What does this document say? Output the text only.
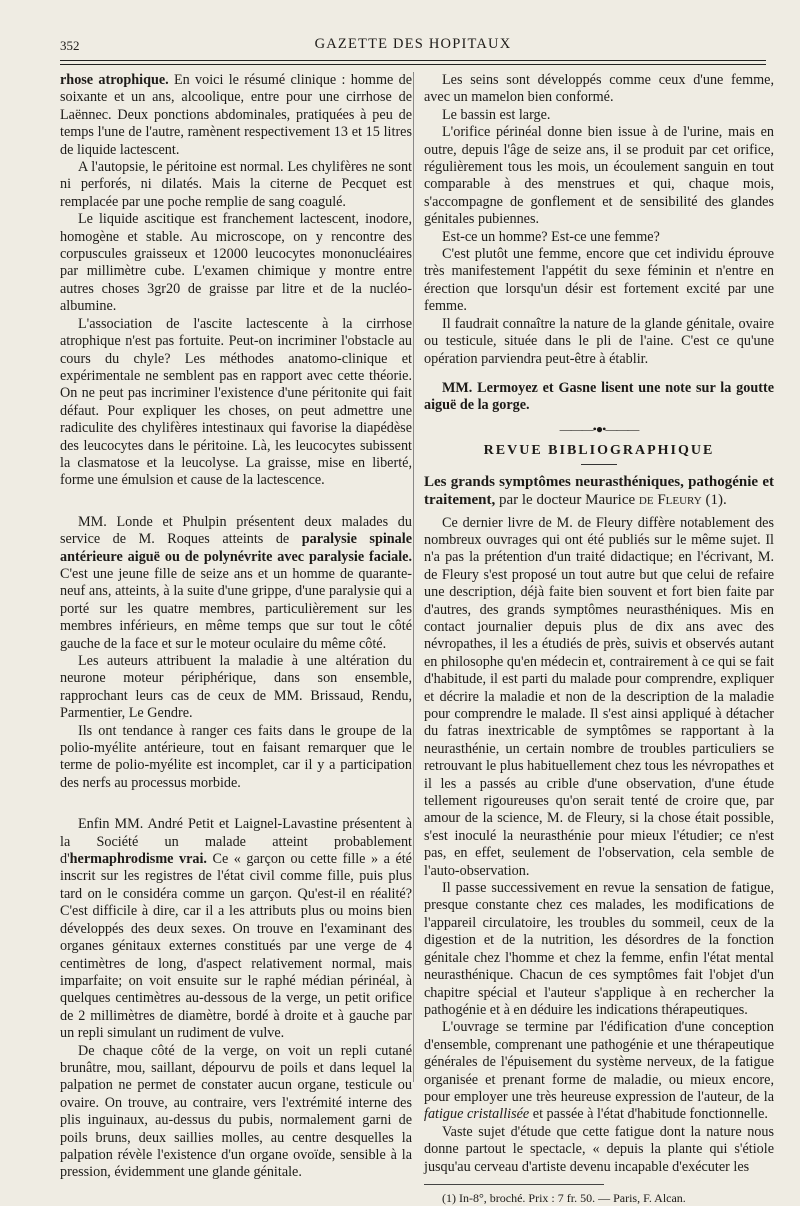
352	GAZETTE DES HOPITAUX

rhose atrophique. En voici le résumé clinique : homme de soixante et un ans, alcoolique, entre pour une cirrhose de Laënnec. Deux ponctions abdominales, pratiquées à peu de temps l'une de l'autre, ramènent respectivement 13 et 15 litres de liquide lactescent.

A l'autopsie, le péritoine est normal. Les chylifères ne sont ni perforés, ni dilatés. Mais la citerne de Pecquet est remplacée par une poche remplie de sang coagulé.

Le liquide ascitique est franchement lactescent, inodore, homogène et stable. Au microscope, on y rencontre des corpuscules graisseux et 12000 leucocytes mononucléaires par millimètre cube. L'examen chimique y montre entre autres choses 3gr20 de graisse par litre et de la nucléo-albumine.

L'association de l'ascite lactescente à la cirrhose atrophique n'est pas fortuite. Peut-on incriminer l'obstacle au cours du chyle? Les méthodes anatomo-clinique et expérimentale ne semblent pas en rapport avec cette théorie. On ne peut pas incriminer l'existence d'une péritonite qui fait défaut. Pour expliquer les choses, on peut admettre une radiculite des chylifères intestinaux qui favorise la diapédèse des leucocytes dans le péritoine. Là, les leucocytes subissent la clasmatose et la leucolyse. La graisse, mise en liberté, forme une émulsion et cause de la lactescence.

MM. Londe et Phulpin présentent deux malades du service de M. Roques atteints de paralysie spinale antérieure aiguë ou de polynévrite avec paralysie faciale. C'est une jeune fille de seize ans et un homme de quarante-neuf ans, atteints, à la suite d'une grippe, d'une paralysie qui a porté sur les quatre membres, particulièrement sur les membres inférieurs, en même temps que sur tout le côté gauche de la face et sur le moteur oculaire du même côté.

Les auteurs attribuent la maladie à une altération du neurone moteur périphérique, dans son ensemble, rapprochant leurs cas de ceux de MM. Brissaud, Rendu, Parmentier, Le Gendre.

Ils ont tendance à ranger ces faits dans le groupe de la polio-myélite antérieure, tout en faisant remarquer que le terme de polio-myélite est incomplet, car il y a participation des nerfs au processus morbide.

Enfin MM. André Petit et Laignel-Lavastine présentent à la Société un malade atteint probablement d'hermaphrodisme vrai. Ce « garçon ou cette fille » a été inscrit sur les registres de l'état civil comme fille, puis plus tard on le considéra comme un garçon. Qu'est-il en réalité? C'est difficile à dire, car il a les attributs plus ou moins bien développés des deux sexes. On trouve en l'examinant des organes génitaux externes constitués par une verge de 4 centimètres de long, d'aspect relativement normal, mais imparfaite; on voit ensuite sur le raphé médian périnéal, à quelques centimètres au-dessous de la verge, un petit orifice de 2 millimètres de diamètre, bordé à droite et à gauche par un repli simulant un rudiment de vulve.

De chaque côté de la verge, on voit un repli cutané brunâtre, mou, saillant, dépourvu de poils et dans lequel la palpation ne permet de constater aucun organe, testicule ou ovaire. On trouve, au contraire, vers l'extrémité interne des plis inguinaux, au-dessus du pubis, normalement garni de poils bruns, deux saillies molles, au centre desquelles la palpation révèle l'existence d'un organe ovoïde, sensible à la pression, évidemment une glande génitale.

Les seins sont développés comme ceux d'une femme, avec un mamelon bien conformé.

Le bassin est large.

L'orifice périnéal donne bien issue à de l'urine, mais en outre, depuis l'âge de seize ans, il se produit par cet orifice, régulièrement tous les mois, un écoulement sanguin en tout comparable à des menstrues et qui, chaque mois, s'accompagne de gonflement et de sensibilité des glandes génitales pubiennes.

Est-ce un homme? Est-ce une femme?

C'est plutôt une femme, encore que cet individu éprouve très manifestement l'appétit du sexe féminin et n'entre en érection que lorsqu'un désir est fortement excité par une femme.

Il faudrait connaître la nature de la glande génitale, ovaire ou testicule, située dans le pli de l'aine. C'est ce qu'une opération parviendra peut-être à établir.

MM. Lermoyez et Gasne lisent une note sur la goutte aiguë de la gorge.

———•●•———
REVUE BIBLIOGRAPHIQUE

Les grands symptômes neurasthéniques, pathogénie et traitement, par le docteur Maurice de Fleury (1).

Ce dernier livre de M. de Fleury diffère notablement des nombreux ouvrages qui ont été publiés sur le même sujet. Il n'a pas la prétention d'un traité didactique; en l'écrivant, M. de Fleury s'est proposé un tout autre but que celui de refaire une description, déjà faite bien souvent et fort bien faite par d'autres, des grands symptômes neurasthéniques. Mis en contact journalier depuis plus de dix ans avec des névropathes, il les a étudiés de près, suivis et observés autant en philosophe qu'en médecin et, contrairement à ce qui se fait d'habitude, il est parti du malade pour comprendre, expliquer et décrire la maladie et non de la description de la maladie pour comprendre le malade. Il s'est ainsi appliqué à détacher du fatras inextricable de symptômes se rapportant à la neurasthénie, un certain nombre de troubles particuliers se retrouvant le plus habituellement chez tous les névropathes et il les a passés au crible d'une observation, d'une étude tellement rigoureuses qu'on serait tenté de croire que, par amour de la science, M. de Fleury, si la chose était possible, s'est inoculé la neurasthénie pour mieux l'étudier; ce n'est pas, en effet, seulement de l'observation, cela semble de l'auto-observation.

Il passe successivement en revue la sensation de fatigue, presque constante chez ces malades, les modifications de l'appareil circulatoire, les troubles du sommeil, ceux de la digestion et de la nutrition, les désordres de la fonction génitale chez l'homme et chez la femme, enfin l'état mental neurasthénique. Chacun de ces symptômes fait l'objet d'un chapitre spécial et l'auteur s'applique à en rechercher la pathogénie et à en déduire les indications thérapeutiques.

L'ouvrage se termine par l'édification d'une conception d'ensemble, comprenant une pathogénie et une thérapeutique générales de l'épuisement du système nerveux, de la fatigue organisée et prenant forme de maladie, ou mieux encore, pour employer une très heureuse expression de l'auteur, de la fatigue cristallisée et passée à l'état d'habitude fonctionnelle.

Vaste sujet d'étude que cette fatigue dont la nature nous donne partout le spectacle, « depuis la plante qui s'étiole jusqu'au cerveau d'artiste devenu incapable d'exécuter les

(1) In-8°, broché. Prix : 7 fr. 50. — Paris, F. Alcan.
